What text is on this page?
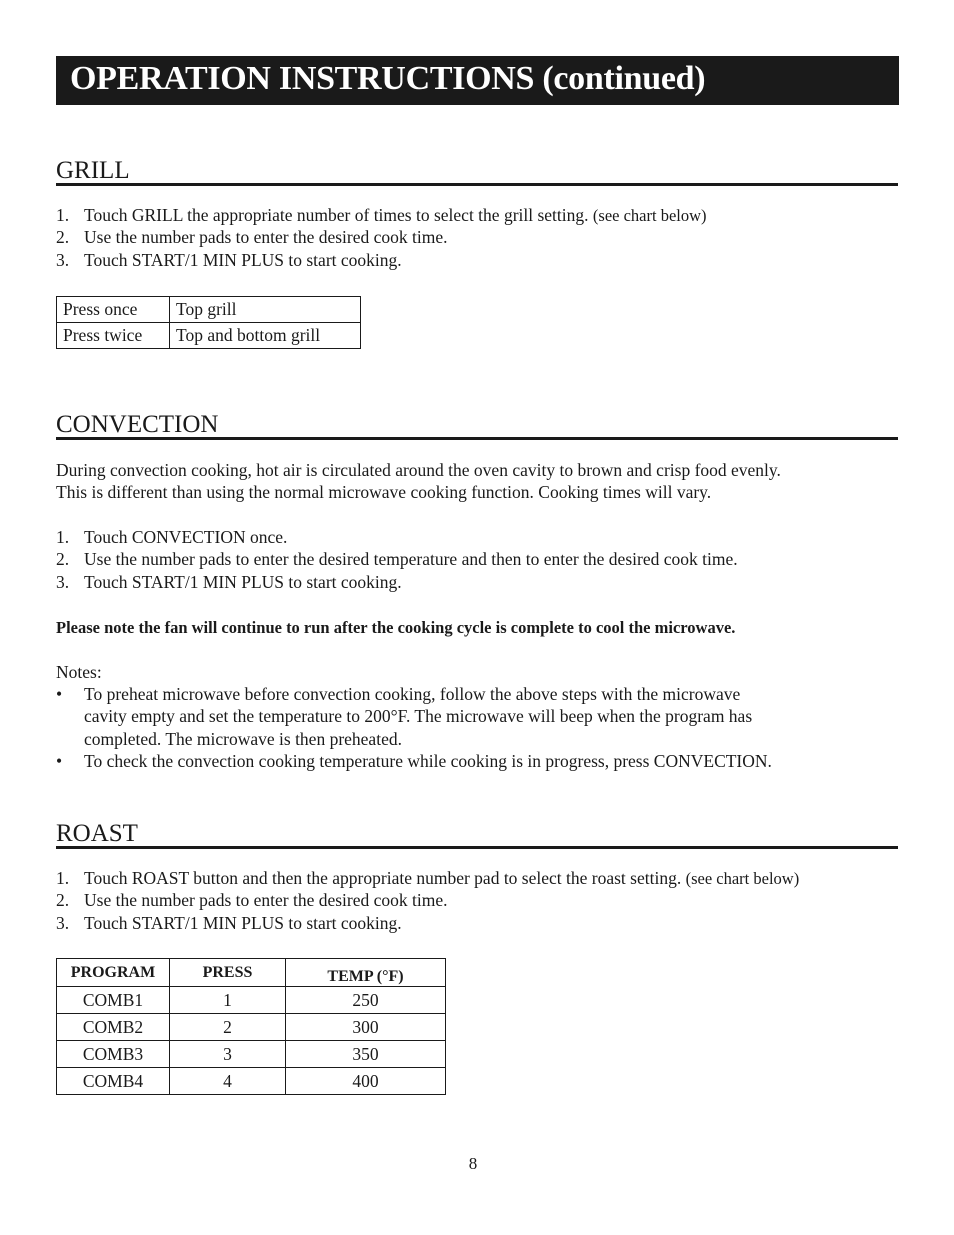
OPERATION INSTRUCTIONS (continued)
GRILL
1. Touch GRILL the appropriate number of times to select the grill setting. (see chart below)
2. Use the number pads to enter the desired cook time.
3. Touch START/1 MIN PLUS to start cooking.
Press once	Top grill
Press twice	Top and bottom grill
CONVECTION
During convection cooking, hot air is circulated around the oven cavity to brown and crisp food evenly.
This is different than using the normal microwave cooking function. Cooking times will vary.
1. Touch CONVECTION once.
2. Use the number pads to enter the desired temperature and then to enter the desired cook time.
3. Touch START/1 MIN PLUS to start cooking.
Please note the fan will continue to run after the cooking cycle is complete to cool the microwave.
Notes:
• To preheat microwave before convection cooking, follow the above steps with the microwave
cavity empty and set the temperature to 200°F. The microwave will beep when the program has
completed. The microwave is then preheated.
• To check the convection cooking temperature while cooking is in progress, press CONVECTION.
ROAST
1. Touch ROAST button and then the appropriate number pad to select the roast setting. (see chart below)
2. Use the number pads to enter the desired cook time.
3. Touch START/1 MIN PLUS to start cooking.
PROGRAM	PRESS	TEMP (°F)
COMB1	1	250
COMB2	2	300
COMB3	3	350
COMB4	4	400
8
